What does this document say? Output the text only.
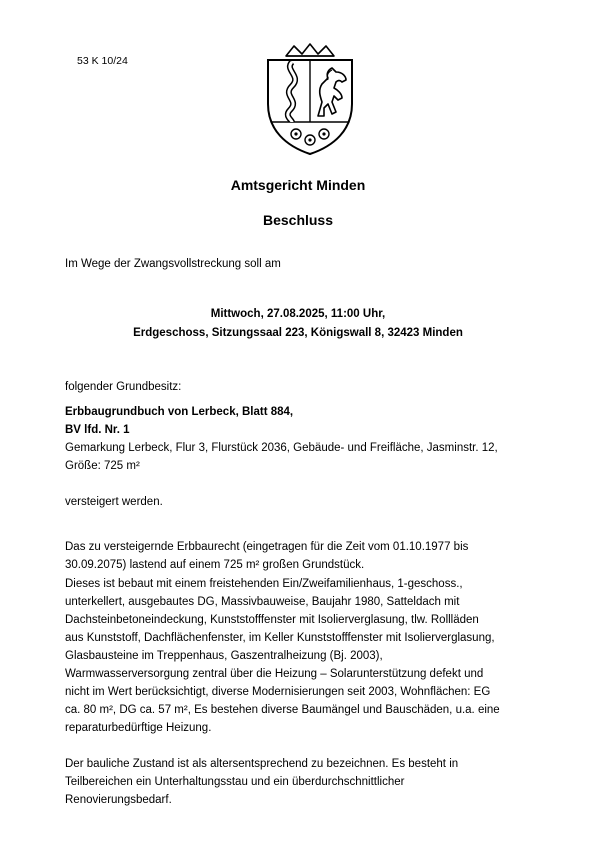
53 K 10/24
Amtsgericht Minden
Beschluss
Im Wege der Zwangsvollstreckung soll am
Mittwoch, 27.08.2025, 11:00 Uhr,
Erdgeschoss, Sitzungssaal 223, Königswall 8, 32423 Minden
folgender Grundbesitz:
Erbbaugrundbuch von Lerbeck, Blatt 884,
BV lfd. Nr. 1
Gemarkung Lerbeck, Flur 3, Flurstück 2036, Gebäude- und Freifläche, Jasminstr. 12,
Größe: 725 m²
versteigert werden.
Das zu versteigernde Erbbaurecht (eingetragen für die Zeit vom 01.10.1977 bis
30.09.2075) lastend auf einem 725 m² großen Grundstück.
Dieses ist bebaut mit einem freistehenden Ein/Zweifamilienhaus, 1-geschoss.,
unterkellert, ausgebautes DG, Massivbauweise, Baujahr 1980, Satteldach mit
Dachsteinbetoneindeckung, Kunststofffenster mit Isolierverglasung, tlw. Rollläden
aus Kunststoff, Dachflächenfenster, im Keller Kunststofffenster mit Isolierverglasung,
Glasbausteine im Treppenhaus, Gaszentralheizung (Bj. 2003),
Warmwasserversorgung zentral über die Heizung – Solarunterstützung defekt und
nicht im Wert berücksichtigt, diverse Modernisierungen seit 2003, Wohnflächen: EG
ca. 80 m², DG ca. 57 m², Es bestehen diverse Baumängel und Bauschäden, u.a. eine
reparaturbedürftige Heizung.
Der bauliche Zustand ist als altersentsprechend zu bezeichnen. Es besteht in
Teilbereichen ein Unterhaltungsstau und ein überdurchschnittlicher
Renovierungsbedarf.
